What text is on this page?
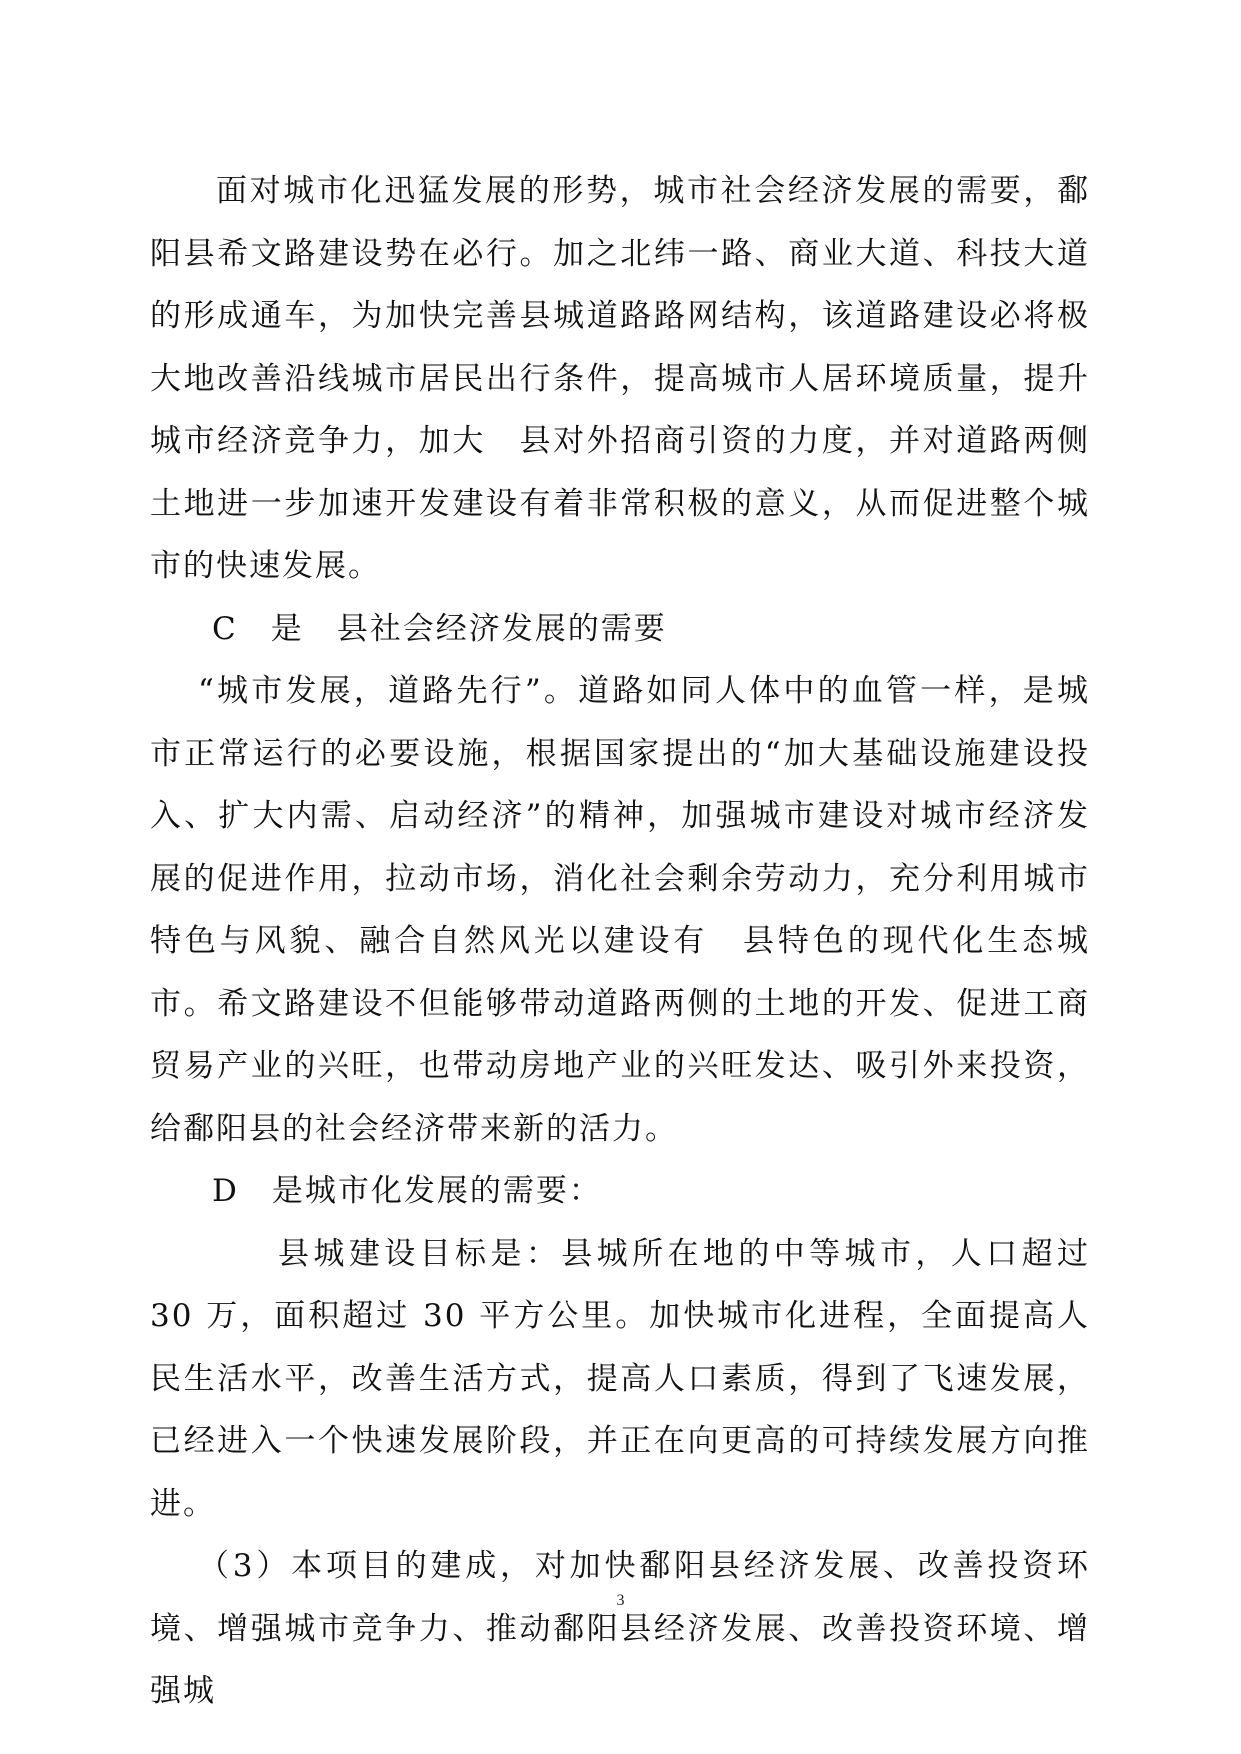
面对城市化迅猛发展的形势，城市社会经济发展的需要，鄱阳县希文路建设势在必行。加之北纬一路、商业大道、科技大道的形成通车，为加快完善县城道路路网结构，该道路建设必将极大地改善沿线城市居民出行条件，提高城市人居环境质量，提升城市经济竞争力，加大　县对外招商引资的力度，并对道路两侧土地进一步加速开发建设有着非常积极的意义，从而促进整个城市的快速发展。

C　是　县社会经济发展的需要

“城市发展，道路先行”。道路如同人体中的血管一样，是城市正常运行的必要设施，根据国家提出的“加大基础设施建设投入、扩大内需、启动经济”的精神，加强城市建设对城市经济发展的促进作用，拉动市场，消化社会剩余劳动力，充分利用城市特色与风貌、融合自然风光以建设有　县特色的现代化生态城市。希文路建设不但能够带动道路两侧的土地的开发、促进工商贸易产业的兴旺，也带动房地产业的兴旺发达、吸引外来投资，给鄱阳县的社会经济带来新的活力。

D　是城市化发展的需要：

县城建设目标是：县城所在地的中等城市，人口超过 30 万，面积超过 30 平方公里。加快城市化进程，全面提高人民生活水平，改善生活方式，提高人口素质，得到了飞速发展，已经进入一个快速发展阶段，并正在向更高的可持续发展方向推进。

（3）本项目的建成，对加快鄱阳县经济发展、改善投资环境、增强城市竞争力、推动鄱阳县经济发展、改善投资环境、增强城

3
